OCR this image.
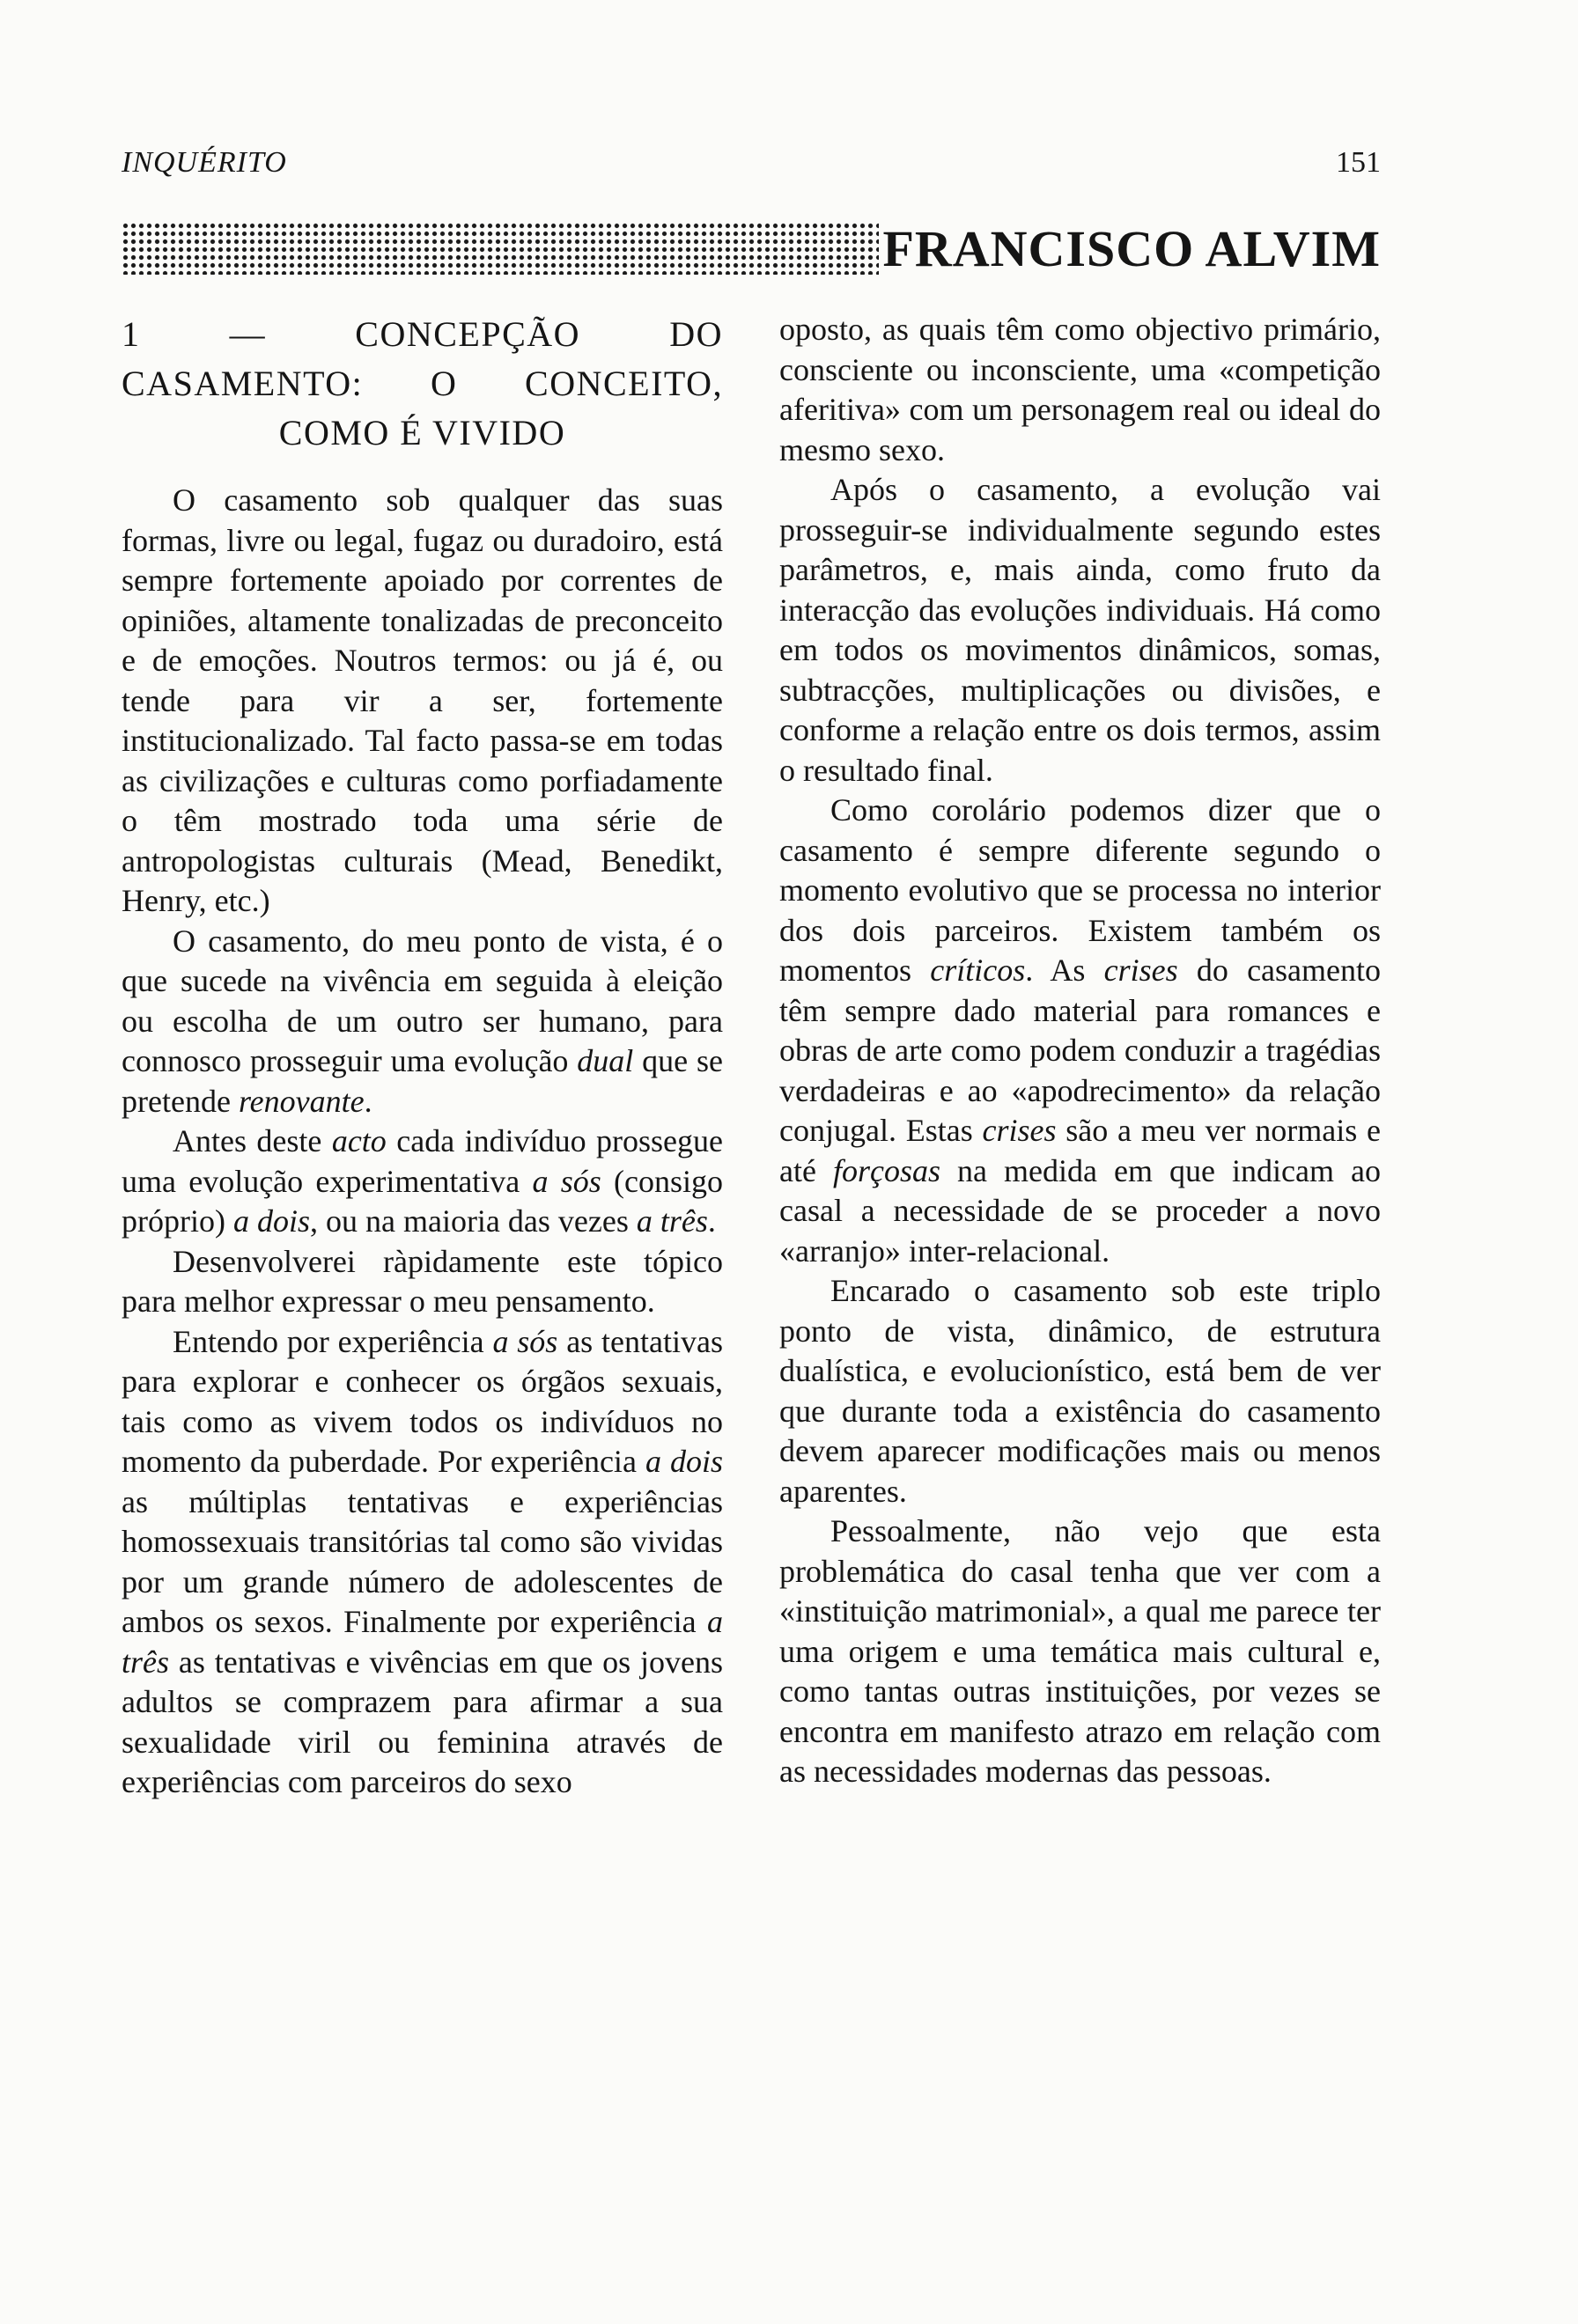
INQUÉRITO	151
FRANCISCO ALVIM
1 — CONCEPÇÃO DO CASAMENTO: O CONCEITO, COMO É VIVIDO

O casamento sob qualquer das suas formas, livre ou legal, fugaz ou duradoiro, está sempre fortemente apoiado por correntes de opiniões, altamente tonalizadas de preconceito e de emoções. Noutros termos: ou já é, ou tende para vir a ser, fortemente institucionalizado. Tal facto passa-se em todas as civilizações e culturas como porfiadamente o têm mostrado toda uma série de antropologistas culturais (Mead, Benedikt, Henry, etc.)

O casamento, do meu ponto de vista, é o que sucede na vivência em seguida à eleição ou escolha de um outro ser humano, para connosco prosseguir uma evolução dual que se pretende renovante.

Antes deste acto cada indivíduo prossegue uma evolução experimentativa a sós (consigo próprio) a dois, ou na maioria das vezes a três.

Desenvolverei ràpidamente este tópico para melhor expressar o meu pensamento.

Entendo por experiência a sós as tentativas para explorar e conhecer os órgãos sexuais, tais como as vivem todos os indivíduos no momento da puberdade. Por experiência a dois as múltiplas tentativas e experiências homossexuais transitórias tal como são vividas por um grande número de adolescentes de ambos os sexos. Finalmente por experiência a três as tentativas e vivências em que os jovens adultos se comprazem para afirmar a sua sexualidade viril ou feminina através de experiências com parceiros do sexo

oposto, as quais têm como objectivo primário, consciente ou inconsciente, uma «competição aferitiva» com um personagem real ou ideal do mesmo sexo.

Após o casamento, a evolução vai prosseguir-se individualmente segundo estes parâmetros, e, mais ainda, como fruto da interacção das evoluções individuais. Há como em todos os movimentos dinâmicos, somas, subtracções, multiplicações ou divisões, e conforme a relação entre os dois termos, assim o resultado final.

Como corolário podemos dizer que o casamento é sempre diferente segundo o momento evolutivo que se processa no interior dos dois parceiros. Existem também os momentos críticos. As crises do casamento têm sempre dado material para romances e obras de arte como podem conduzir a tragédias verdadeiras e ao «apodrecimento» da relação conjugal. Estas crises são a meu ver normais e até forçosas na medida em que indicam ao casal a necessidade de se proceder a novo «arranjo» inter-relacional.

Encarado o casamento sob este triplo ponto de vista, dinâmico, de estrutura dualística, e evolucionístico, está bem de ver que durante toda a existência do casamento devem aparecer modificações mais ou menos aparentes.

Pessoalmente, não vejo que esta problemática do casal tenha que ver com a «instituição matrimonial», a qual me parece ter uma origem e uma temática mais cultural e, como tantas outras instituições, por vezes se encontra em manifesto atrazo em relação com as necessidades modernas das pessoas.
